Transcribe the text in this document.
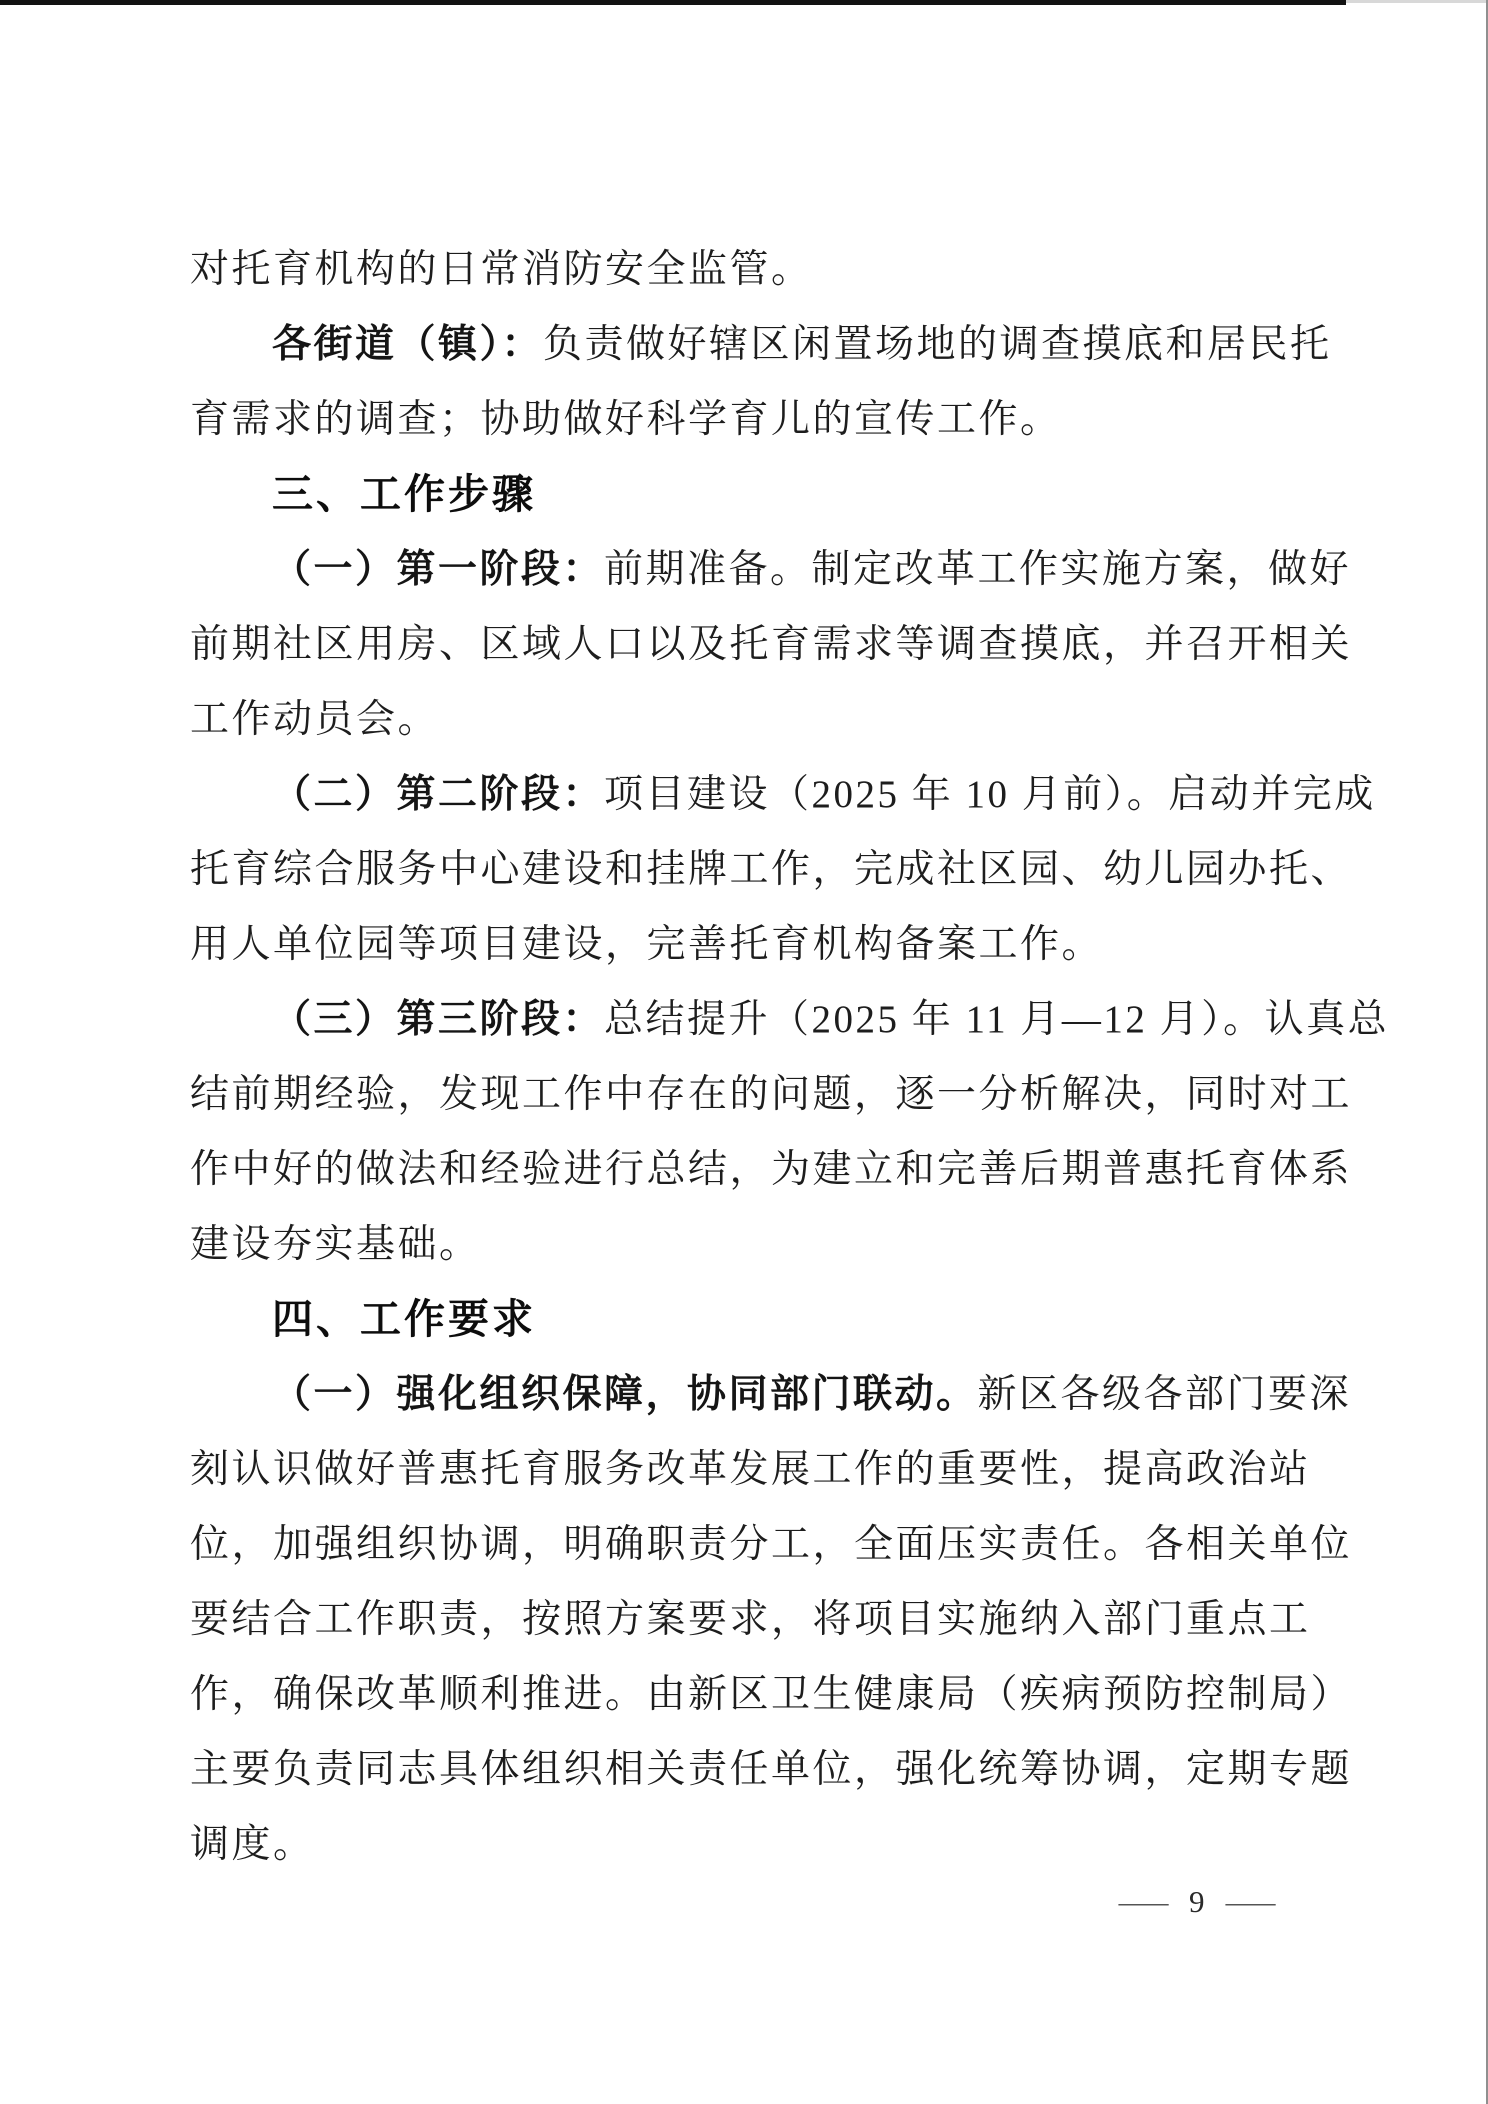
对托育机构的日常消防安全监管。
各街道（镇）：负责做好辖区闲置场地的调查摸底和居民托
育需求的调查；协助做好科学育儿的宣传工作。
三、工作步骤
（一）第一阶段：前期准备。制定改革工作实施方案，做好
前期社区用房、区域人口以及托育需求等调查摸底，并召开相关
工作动员会。
（二）第二阶段：项目建设（2025 年 10 月前）。启动并完成
托育综合服务中心建设和挂牌工作，完成社区园、幼儿园办托、
用人单位园等项目建设，完善托育机构备案工作。
（三）第三阶段：总结提升（2025 年 11 月—12 月）。认真总
结前期经验，发现工作中存在的问题，逐一分析解决，同时对工
作中好的做法和经验进行总结，为建立和完善后期普惠托育体系
建设夯实基础。
四、工作要求
（一）强化组织保障，协同部门联动。新区各级各部门要深
刻认识做好普惠托育服务改革发展工作的重要性，提高政治站
位，加强组织协调，明确职责分工，全面压实责任。各相关单位
要结合工作职责，按照方案要求，将项目实施纳入部门重点工
作，确保改革顺利推进。由新区卫生健康局（疾病预防控制局）
主要负责同志具体组织相关责任单位，强化统筹协调，定期专题
调度。
— 9 —
